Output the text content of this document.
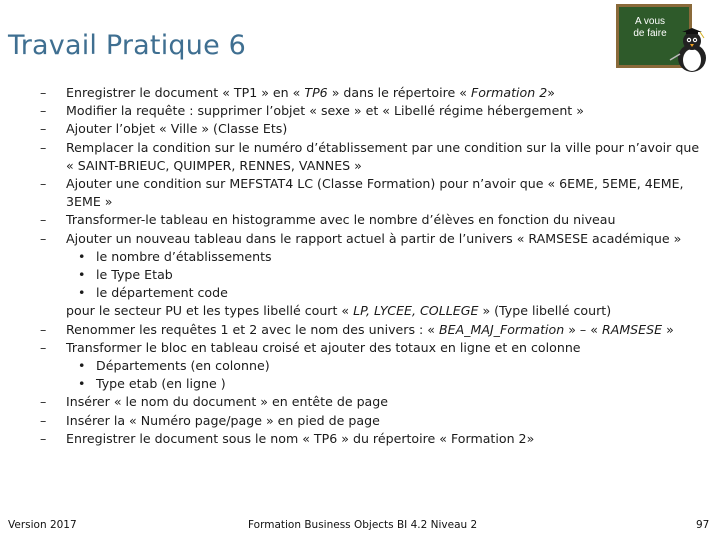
Travail Pratique 6
A vous
de faire
– Enregistrer le document « TP1 » en « TP6 » dans le répertoire « Formation 2»
– Modifier la requête : supprimer l’objet « sexe » et « Libellé régime hébergement »
– Ajouter l’objet « Ville » (Classe Ets)
– Remplacer la condition sur le numéro d’établissement par une condition sur la ville pour n’avoir que « SAINT-BRIEUC, QUIMPER, RENNES, VANNES »
– Ajouter une condition sur MEFSTAT4 LC (Classe Formation) pour n’avoir que « 6EME, 5EME, 4EME, 3EME »
– Transformer-le tableau en histogramme avec le nombre d’élèves en fonction du niveau
– Ajouter un nouveau tableau dans le rapport actuel à partir de l’univers « RAMSESE académique »
• le nombre d’établissements
• le Type Etab
• le département code
pour le secteur PU et les types libellé court « LP, LYCEE, COLLEGE » (Type libellé court)
– Renommer les requêtes 1 et 2 avec le nom des univers : « BEA_MAJ_Formation » – « RAMSESE »
– Transformer le bloc en tableau croisé et ajouter des totaux en ligne et en colonne
• Départements (en colonne)
• Type etab (en ligne )
– Insérer « le nom du document » en entête de page
– Insérer la « Numéro page/page » en pied de page
– Enregistrer le document sous le nom « TP6 » du répertoire « Formation 2»
Version 2017	Formation Business Objects BI 4.2 Niveau 2	97
